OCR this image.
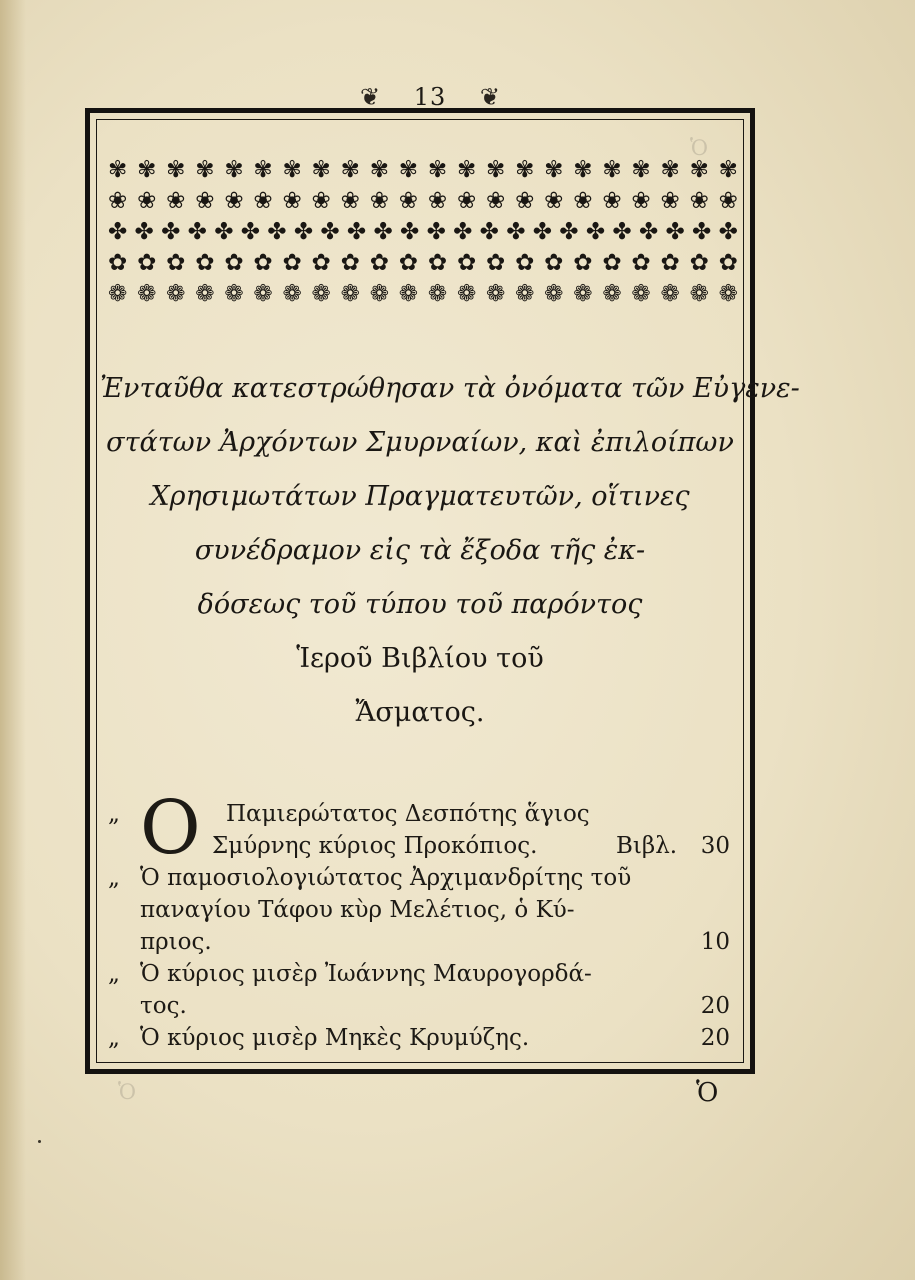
Ὁ
Ὁ
❦ 13 ❦
✾ ✾ ✾ ✾ ✾ ✾ ✾ ✾ ✾ ✾ ✾ ✾ ✾ ✾ ✾ ✾ ✾ ✾ ✾ ✾ ✾ ✾
❀ ❀ ❀ ❀ ❀ ❀ ❀ ❀ ❀ ❀ ❀ ❀ ❀ ❀ ❀ ❀ ❀ ❀ ❀ ❀ ❀ ❀
✤ ✤ ✤ ✤ ✤ ✤ ✤ ✤ ✤ ✤ ✤ ✤ ✤ ✤ ✤ ✤ ✤ ✤ ✤ ✤ ✤ ✤ ✤ ✤
✿ ✿ ✿ ✿ ✿ ✿ ✿ ✿ ✿ ✿ ✿ ✿ ✿ ✿ ✿ ✿ ✿ ✿ ✿ ✿ ✿ ✿
❁ ❁ ❁ ❁ ❁ ❁ ❁ ❁ ❁ ❁ ❁ ❁ ❁ ❁ ❁ ❁ ❁ ❁ ❁ ❁ ❁ ❁
Ἐνταῦθα κατεστρώθησαν τὰ ὀνόματα τῶν Εὐγενε-
στάτων Ἀρχόντων Σμυρναίων, καὶ ἐπιλοίπων
Χρησιμωτάτων Πραγματευτῶν, οἵτινες
συνέδραμον εἰς τὰ ἔξοδα τῆς ἐκ-
δόσεως τοῦ τύπου τοῦ παρόντος
Ἱεροῦ Βιβλίου τοῦ
Ἄσματος.
„ Ο Παμιερώτατος Δεσπότης ἅγιος
Σμύρνης κύριος Προκόπιος.	Βιβλ. 30
„ Ὁ παμοσιολογιώτατος Ἀρχιμανδρίτης τοῦ
παναγίου Τάφου κὺρ Μελέτιος, ὁ Κύ-
πριος.	10
„ Ὁ κύριος μισὲρ Ἰωάννης Μαυρογορδά-
τος.	20
„ Ὁ κύριος μισὲρ Μηκὲς Κρυμύζης.	20
Ὁ
